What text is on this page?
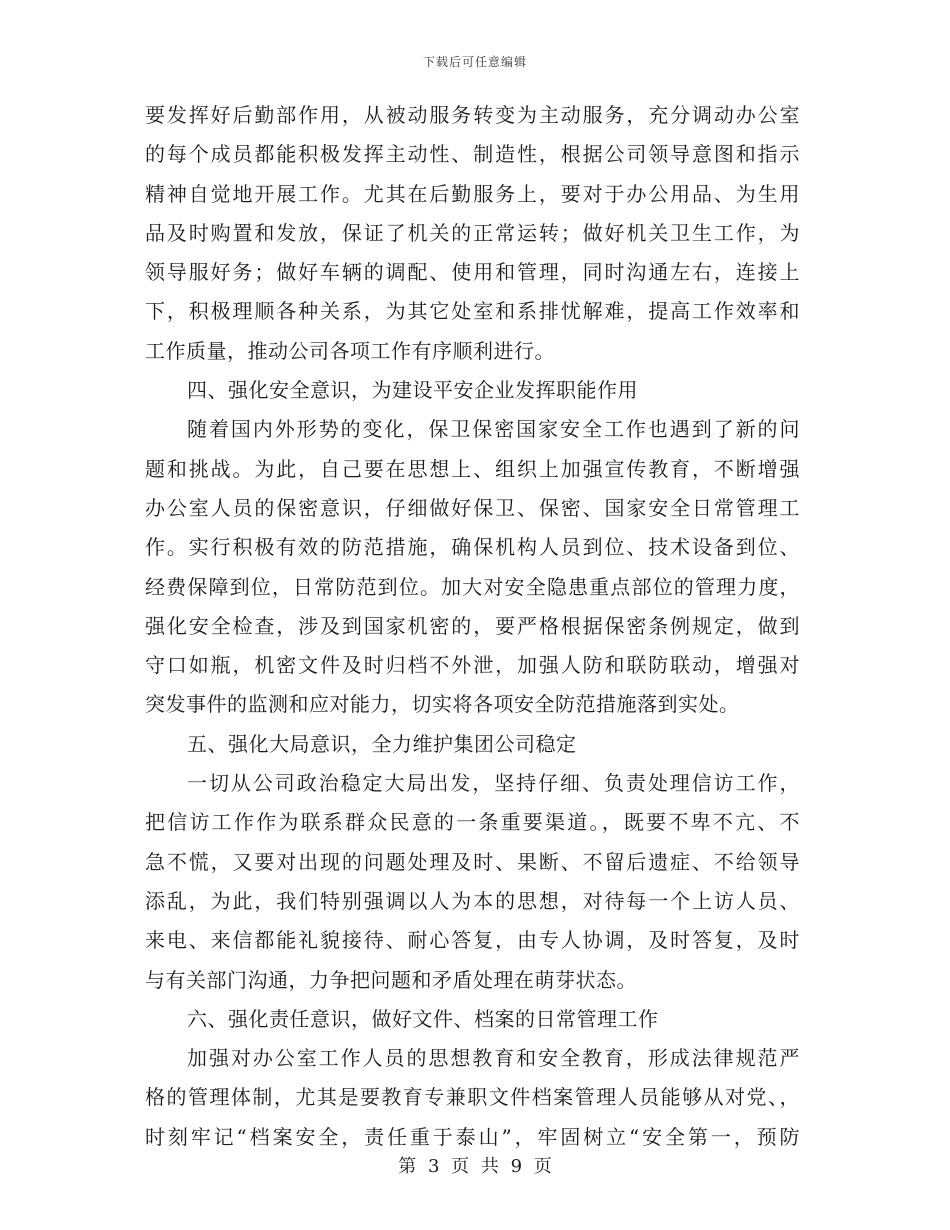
下载后可任意编辑
要发挥好后勤部作用，从被动服务转变为主动服务，充分调动办公室
的每个成员都能积极发挥主动性、制造性，根据公司领导意图和指示
精神自觉地开展工作。尤其在后勤服务上，要对于办公用品、为生用
品及时购置和发放，保证了机关的正常运转；做好机关卫生工作，为
领导服好务；做好车辆的调配、使用和管理，同时沟通左右，连接上
下，积极理顺各种关系，为其它处室和系排忧解难，提高工作效率和
工作质量，推动公司各项工作有序顺利进行。
四、强化安全意识，为建设平安企业发挥职能作用
随着国内外形势的变化，保卫保密国家安全工作也遇到了新的问
题和挑战。为此，自己要在思想上、组织上加强宣传教育，不断增强
办公室人员的保密意识，仔细做好保卫、保密、国家安全日常管理工
作。实行积极有效的防范措施，确保机构人员到位、技术设备到位、
经费保障到位，日常防范到位。加大对安全隐患重点部位的管理力度，
强化安全检查，涉及到国家机密的，要严格根据保密条例规定，做到
守口如瓶，机密文件及时归档不外泄，加强人防和联防联动，增强对
突发事件的监测和应对能力，切实将各项安全防范措施落到实处。
五、强化大局意识，全力维护集团公司稳定
一切从公司政治稳定大局出发，坚持仔细、负责处理信访工作，
把信访工作作为联系群众民意的一条重要渠道。，既要不卑不亢、不
急不慌，又要对出现的问题处理及时、果断、不留后遗症、不给领导
添乱，为此，我们特别强调以人为本的思想，对待每一个上访人员、
来电、来信都能礼貌接待、耐心答复，由专人协调，及时答复，及时
与有关部门沟通，力争把问题和矛盾处理在萌芽状态。
六、强化责任意识，做好文件、档案的日常管理工作
加强对办公室工作人员的思想教育和安全教育，形成法律规范严
格的管理体制，尤其是要教育专兼职文件档案管理人员能够从对党、，
时刻牢记“档案安全，责任重于泰山”，牢固树立“安全第一，预防
第 3 页 共 9 页
